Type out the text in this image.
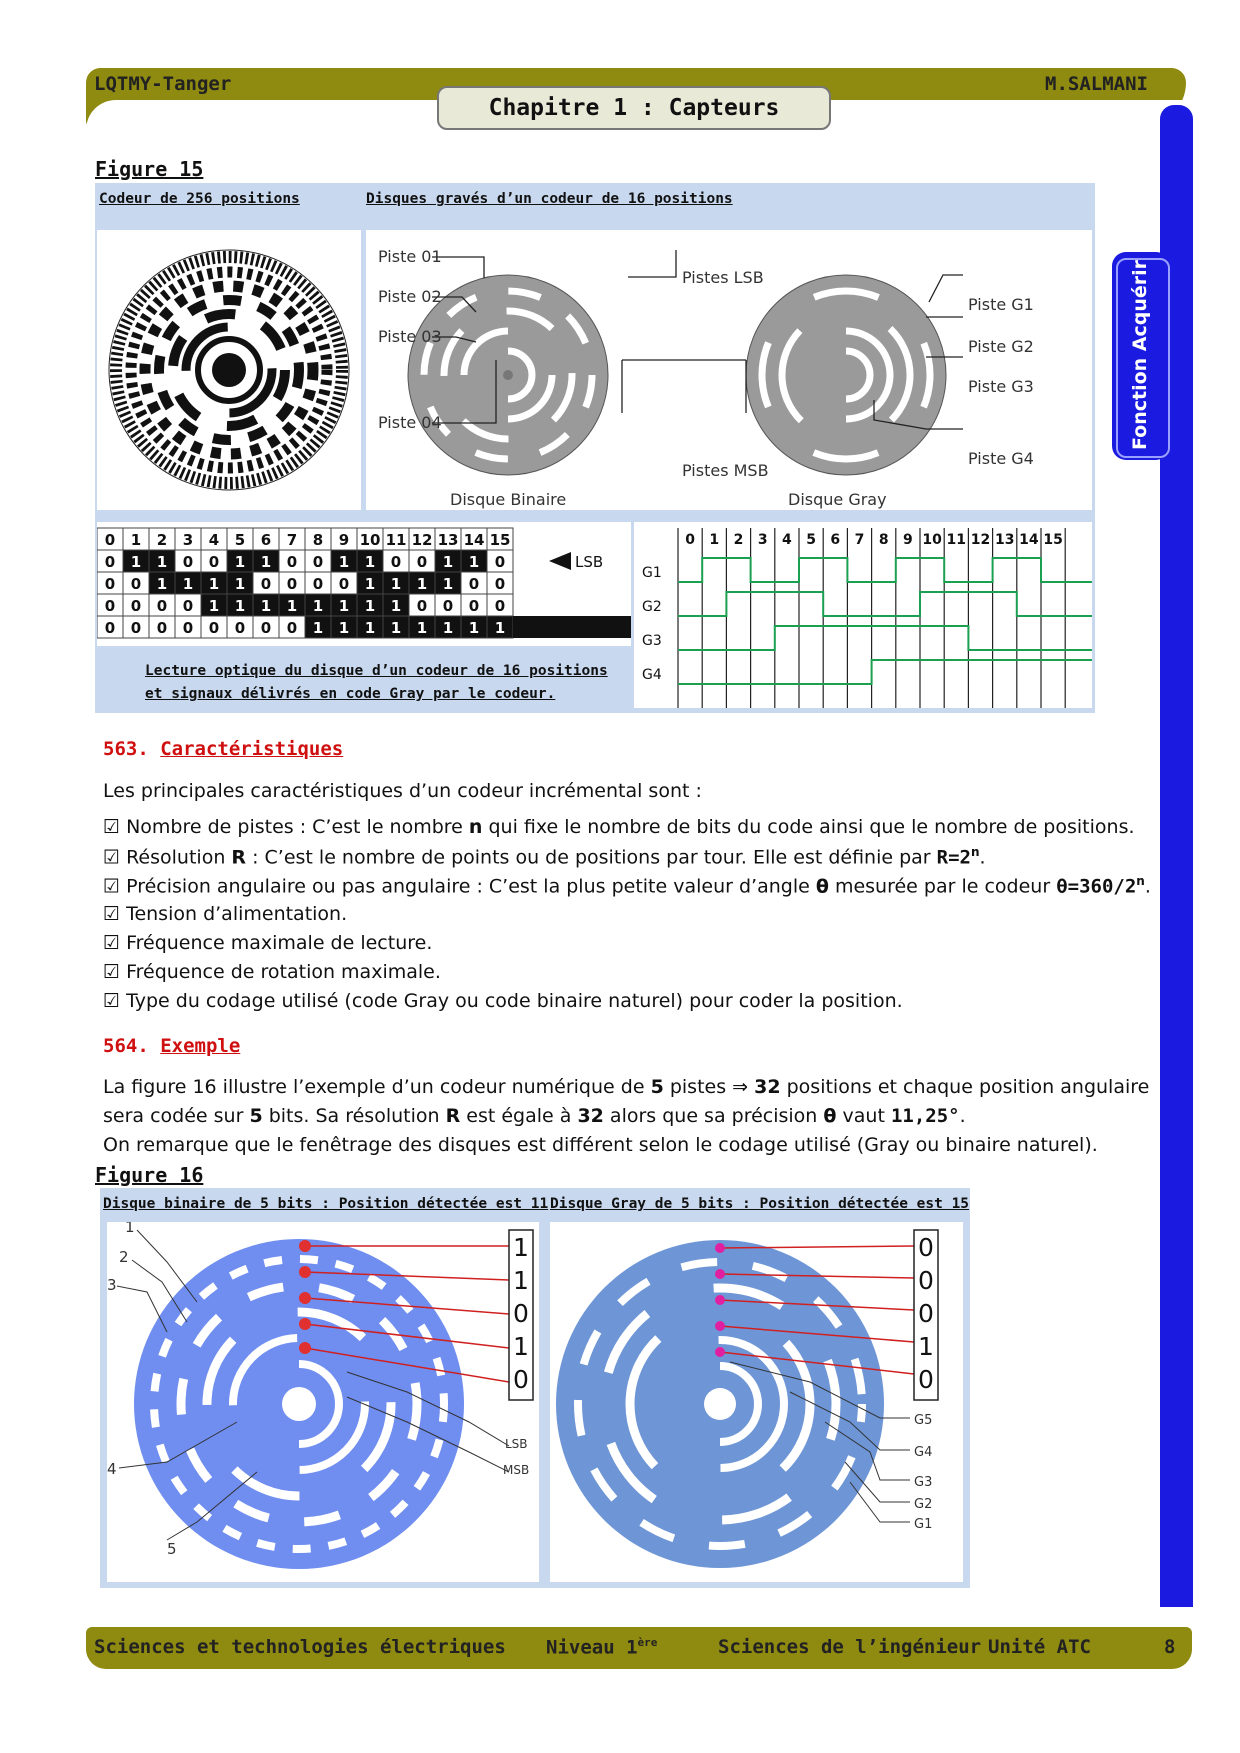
LQTMY-Tanger	M.SALMANI
Chapitre 1 : Capteurs
Fonction Acquérir
Figure 15
Codeur de 256 positions	Disques gravés d’un codeur de 16 positions
Piste 01
Piste 02
Piste 03
Piste 04
Pistes LSB
Pistes MSB
Piste G1
Piste G2
Piste G3
Piste G4
Disque Binaire	Disque Gray
0 1 2 3 4 5 6 7 8 9 10 11 12 13 14 15
0 1 1 0 0 1 1 0 0 1 1 0 0 1 1 0
0 0 1 1 1 1 0 0 0 0 1 1 1 1 0 0
0 0 0 0 1 1 1 1 1 1 1 1 0 0 0 0
0 0 0 0 0 0 0 0 1 1 1 1 1 1 1 1
LSB
Lecture optique du disque d’un codeur de 16 positions
et signaux délivrés en code Gray par le codeur.
0 1 2 3 4 5 6 7 8 9 10 11 12 13 14 15
G1
G2
G3
G4
563. Caractéristiques
Les principales caractéristiques d’un codeur incrémental sont :
☑ Nombre de pistes : C’est le nombre n qui fixe le nombre de bits du code ainsi que le nombre de positions.
☑ Résolution R : C’est le nombre de points ou de positions par tour. Elle est définie par $R=2^n$.
☑ Précision angulaire ou pas angulaire : C’est la plus petite valeur d’angle θ mesurée par le codeur $\theta=360/2^n$.
☑ Tension d’alimentation.
☑ Fréquence maximale de lecture.
☑ Fréquence de rotation maximale.
☑ Type du codage utilisé (code Gray ou code binaire naturel) pour coder la position.
564. Exemple
La figure 16 illustre l’exemple d’un codeur numérique de 5 pistes ⇒ 32 positions et chaque position angulaire
sera codée sur 5 bits. Sa résolution R est égale à 32 alors que sa précision θ vaut 11,25°.
On remarque que le fenêtrage des disques est différent selon le codage utilisé (Gray ou binaire naturel).
Figure 16
Disque binaire de 5 bits : Position détectée est 11 Disque Gray de 5 bits : Position détectée est 15
1
2
3
4
5
LSB
MSB
1
1
0
1
0
G5
G4
G3
G2
G1
0
0
0
1
0
Sciences et technologies électriques Niveau 1ère	Sciences de l’ingénieur Unité ATC	8
